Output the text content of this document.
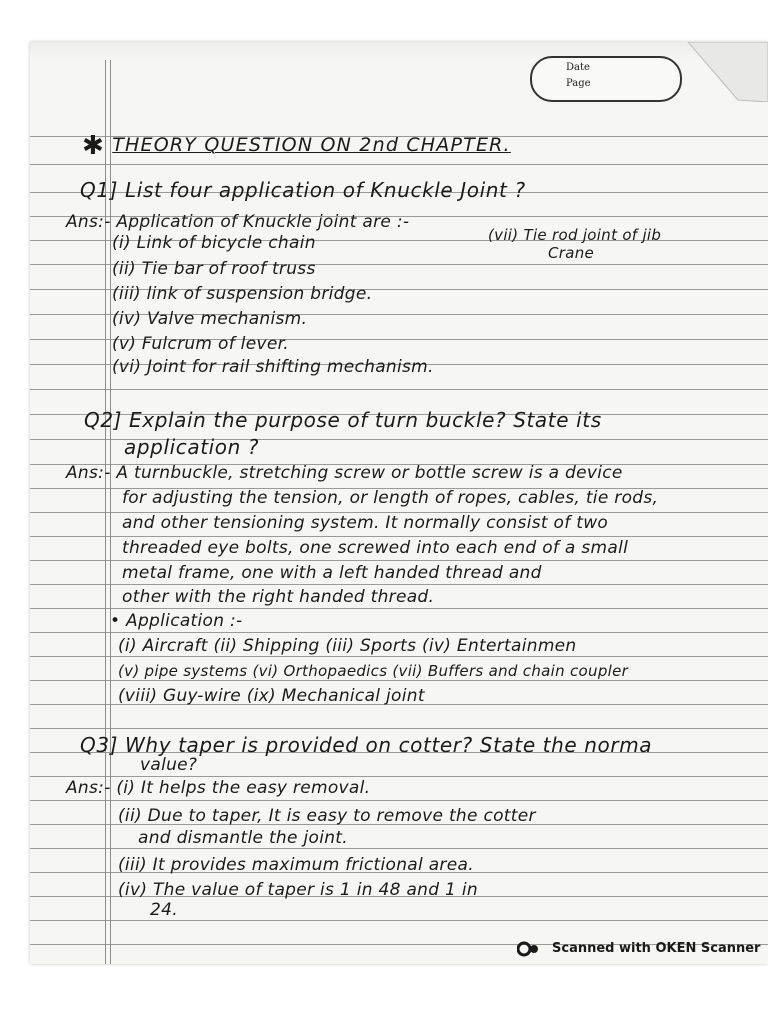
Date
Page
✱ THEORY QUESTION ON 2nd CHAPTER.
Q1] List four application of Knuckle Joint ?
Ans:- Application of Knuckle joint are :-
(i) Link of bicycle chain	(vii) Tie rod joint of jib
Crane
(ii) Tie bar of roof truss
(iii) link of suspension bridge.
(iv) Valve mechanism.
(v) Fulcrum of lever.
(vi) Joint for rail shifting mechanism.
Q2] Explain the purpose of turn buckle? State its
application ?
Ans:- A turnbuckle, stretching screw or bottle screw is a device
for adjusting the tension, or length of ropes, cables, tie rods,
and other tensioning system. It normally consist of two
threaded eye bolts, one screwed into each end of a small
metal frame, one with a left handed thread and
other with the right handed thread.
• Application :-
(i) Aircraft (ii) Shipping (iii) Sports (iv) Entertainmen
(v) pipe systems (vi) Orthopaedics (vii) Buffers and chain coupler
(viii) Guy-wire (ix) Mechanical joint
Q3] Why taper is provided on cotter? State the norma
value?
Ans:- (i) It helps the easy removal.
(ii) Due to taper, It is easy to remove the cotter
and dismantle the joint.
(iii) It provides maximum frictional area.
(iv) The value of taper is 1 in 48 and 1 in
24.
Scanned with OKEN Scanner
